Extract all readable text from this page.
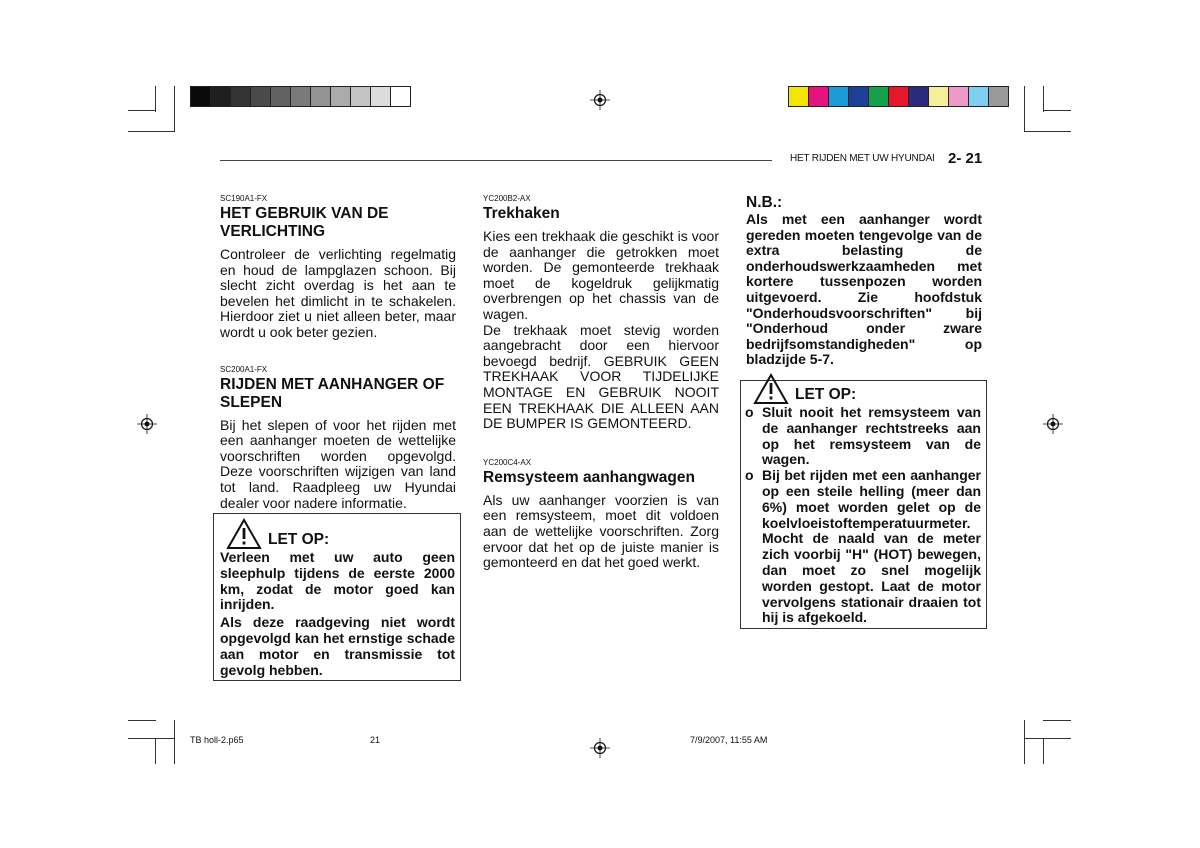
HET RIJDEN MET UW HYUNDAI 2- 21
SC190A1-FX
HET GEBRUIK VAN DE VERLICHTING
Controleer de verlichting regelmatig en houd de lampglazen schoon. Bij slecht zicht overdag is het aan te bevelen het dimlicht in te schakelen. Hierdoor ziet u niet alleen beter, maar wordt u ook beter gezien.
SC200A1-FX
RIJDEN MET AANHANGER OF SLEPEN
Bij het slepen of voor het rijden met een aanhanger moeten de wettelijke voorschriften worden opgevolgd. Deze voorschriften wijzigen van land tot land. Raadpleeg uw Hyundai dealer voor nadere informatie.
LET OP:
Verleen met uw auto geen sleephulp tijdens de eerste 2000 km, zodat de motor goed kan inrijden.
Als deze raadgeving niet wordt opgevolgd kan het ernstige schade aan motor en transmissie tot gevolg hebben.
YC200B2-AX
Trekhaken
Kies een trekhaak die geschikt is voor de aanhanger die getrokken moet worden. De gemonteerde trekhaak moet de kogeldruk gelijkmatig overbrengen op het chassis van de wagen.
De trekhaak moet stevig worden aangebracht door een hiervoor bevoegd bedrijf. GEBRUIK GEEN TREKHAAK VOOR TIJDELIJKE MONTAGE EN GEBRUIK NOOIT EEN TREKHAAK DIE ALLEEN AAN DE BUMPER IS GEMONTEERD.
YC200C4-AX
Remsysteem aanhangwagen
Als uw aanhanger voorzien is van een remsysteem, moet dit voldoen aan de wettelijke voorschriften. Zorg ervoor dat het op de juiste manier is gemonteerd en dat het goed werkt.
N.B.:
Als met een aanhanger wordt gereden moeten tengevolge van de extra belasting de onderhoudswerkzaamheden met kortere tussenpozen worden uitgevoerd. Zie hoofdstuk "Onderhoudsvoorschriften" bij "Onderhoud onder zware bedrijfsomstandigheden" op bladzijde 5-7.
LET OP:
o Sluit nooit het remsysteem van de aanhanger rechtstreeks aan op het remsysteem van de wagen.
o Bij bet rijden met een aanhanger op een steile helling (meer dan 6%) moet worden gelet op de koelvloeistoftemperatuurmeter. Mocht de naald van de meter zich voorbij "H" (HOT) bewegen, dan moet zo snel mogelijk worden gestopt. Laat de motor vervolgens stationair draaien tot hij is afgekoeld.
TB holl-2.p65	21	7/9/2007, 11:55 AM
